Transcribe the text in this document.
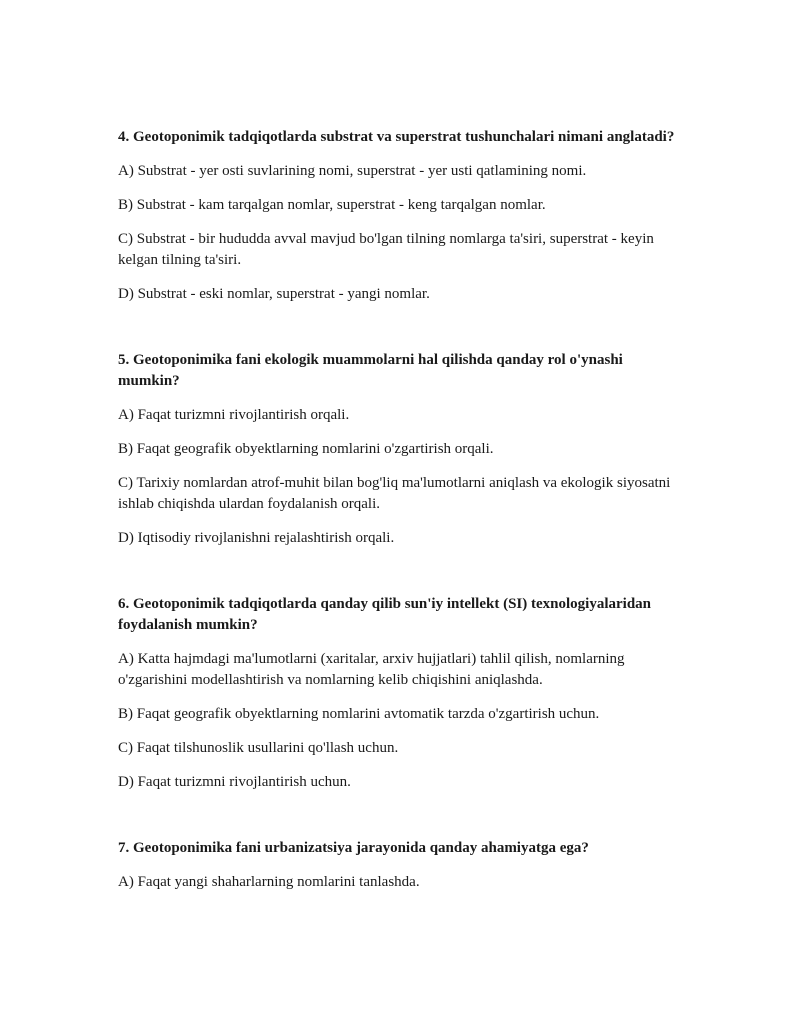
4. Geotoponimik tadqiqotlarda substrat va superstrat tushunchalari nimani anglatadi?

A) Substrat - yer osti suvlarining nomi, superstrat - yer usti qatlamining nomi.

B) Substrat - kam tarqalgan nomlar, superstrat - keng tarqalgan nomlar.

C) Substrat - bir hududda avval mavjud bo'lgan tilning nomlarga ta'siri, superstrat - keyin kelgan tilning ta'siri.

D) Substrat - eski nomlar, superstrat - yangi nomlar.

5. Geotoponimika fani ekologik muammolarni hal qilishda qanday rol o'ynashi mumkin?

A) Faqat turizmni rivojlantirish orqali.

B) Faqat geografik obyektlarning nomlarini o'zgartirish orqali.

C) Tarixiy nomlardan atrof-muhit bilan bog'liq ma'lumotlarni aniqlash va ekologik siyosatni ishlab chiqishda ulardan foydalanish orqali.

D) Iqtisodiy rivojlanishni rejalashtirish orqali.

6. Geotoponimik tadqiqotlarda qanday qilib sun'iy intellekt (SI) texnologiyalaridan foydalanish mumkin?

A) Katta hajmdagi ma'lumotlarni (xaritalar, arxiv hujjatlari) tahlil qilish, nomlarning o'zgarishini modellashtirish va nomlarning kelib chiqishini aniqlashda.

B) Faqat geografik obyektlarning nomlarini avtomatik tarzda o'zgartirish uchun.

C) Faqat tilshunoslik usullarini qo'llash uchun.

D) Faqat turizmni rivojlantirish uchun.

7. Geotoponimika fani urbanizatsiya jarayonida qanday ahamiyatga ega?

A) Faqat yangi shaharlarning nomlarini tanlashda.
